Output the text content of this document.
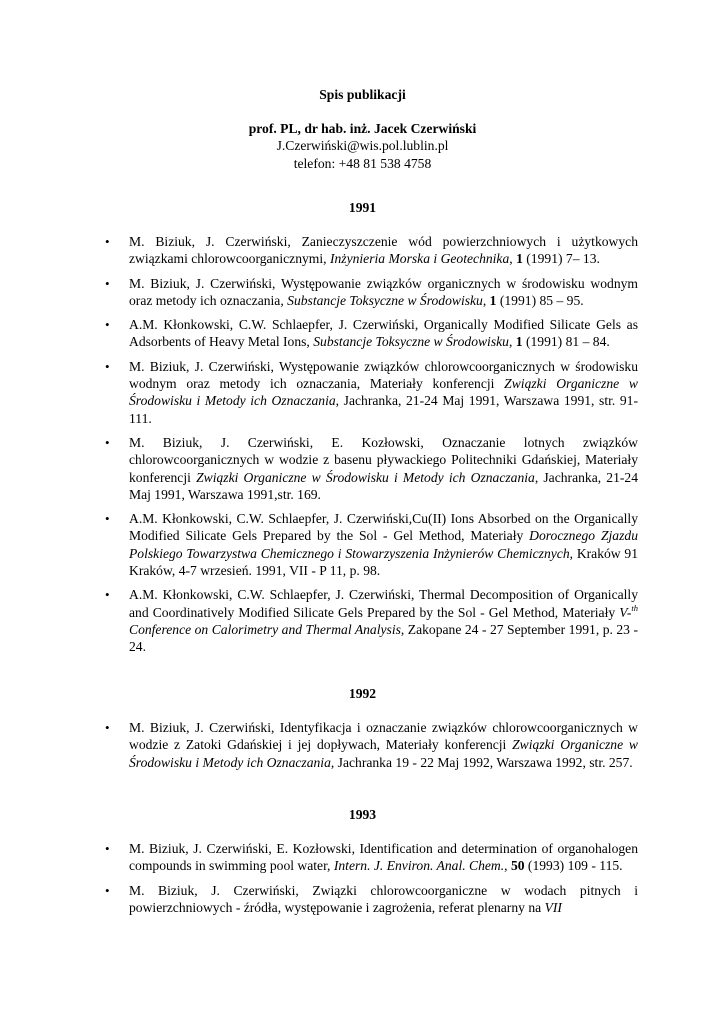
Spis publikacji
prof. PL, dr hab. inż. Jacek Czerwiński
J.Czerwiński@wis.pol.lublin.pl
telefon: +48 81 538 4758
1991
• M. Biziuk, J. Czerwiński, Zanieczyszczenie wód powierzchniowych i użytkowych związkami chlorowcoorganicznymi, Inżynieria Morska i Geotechnika, 1 (1991) 7– 13.
• M. Biziuk, J. Czerwiński, Występowanie związków organicznych w środowisku wodnym oraz metody ich oznaczania, Substancje Toksyczne w Środowisku, 1 (1991) 85 – 95.
• A.M. Kłonkowski, C.W. Schlaepfer, J. Czerwiński, Organically Modified Silicate Gels as Adsorbents of Heavy Metal Ions, Substancje Toksyczne w Środowisku, 1 (1991) 81 – 84.
• M. Biziuk, J. Czerwiński, Występowanie związków chlorowcoorganicznych w środowisku wodnym oraz metody ich oznaczania, Materiały konferencji Związki Organiczne w Środowisku i Metody ich Oznaczania, Jachranka, 21-24 Maj 1991, Warszawa 1991, str. 91-111.
• M. Biziuk, J. Czerwiński, E. Kozłowski, Oznaczanie lotnych związków chlorowcoorganicznych w wodzie z basenu pływackiego Politechniki Gdańskiej, Materiały konferencji Związki Organiczne w Środowisku i Metody ich Oznaczania, Jachranka, 21-24 Maj 1991, Warszawa 1991,str. 169.
• A.M. Kłonkowski, C.W. Schlaepfer, J. Czerwiński,Cu(II) Ions Absorbed on the Organically Modified Silicate Gels Prepared by the Sol - Gel Method, Materiały Dorocznego Zjazdu Polskiego Towarzystwa Chemicznego i Stowarzyszenia Inżynierów Chemicznych, Kraków 91 Kraków, 4-7 wrzesień. 1991, VII - P 11, p. 98.
• A.M. Kłonkowski, C.W. Schlaepfer, J. Czerwiński, Thermal Decomposition of Organically and Coordinatively Modified Silicate Gels Prepared by the Sol - Gel Method, Materiały V-$^{th}$ Conference on Calorimetry and Thermal Analysis, Zakopane 24 - 27 September 1991, p. 23 - 24.
1992
• M. Biziuk, J. Czerwiński, Identyfikacja i oznaczanie związków chlorowcoorganicznych w wodzie z Zatoki Gdańskiej i jej dopływach, Materiały konferencji Związki Organiczne w Środowisku i Metody ich Oznaczania, Jachranka 19 - 22 Maj 1992, Warszawa 1992, str. 257.
1993
• M. Biziuk, J. Czerwiński, E. Kozłowski, Identification and determination of organohalogen compounds in swimming pool water, Intern. J. Environ. Anal. Chem., 50 (1993) 109 - 115.
• M. Biziuk, J. Czerwiński, Związki chlorowcoorganiczne w wodach pitnych i powierzchniowych - źródła, występowanie i zagrożenia, referat plenarny na VII
